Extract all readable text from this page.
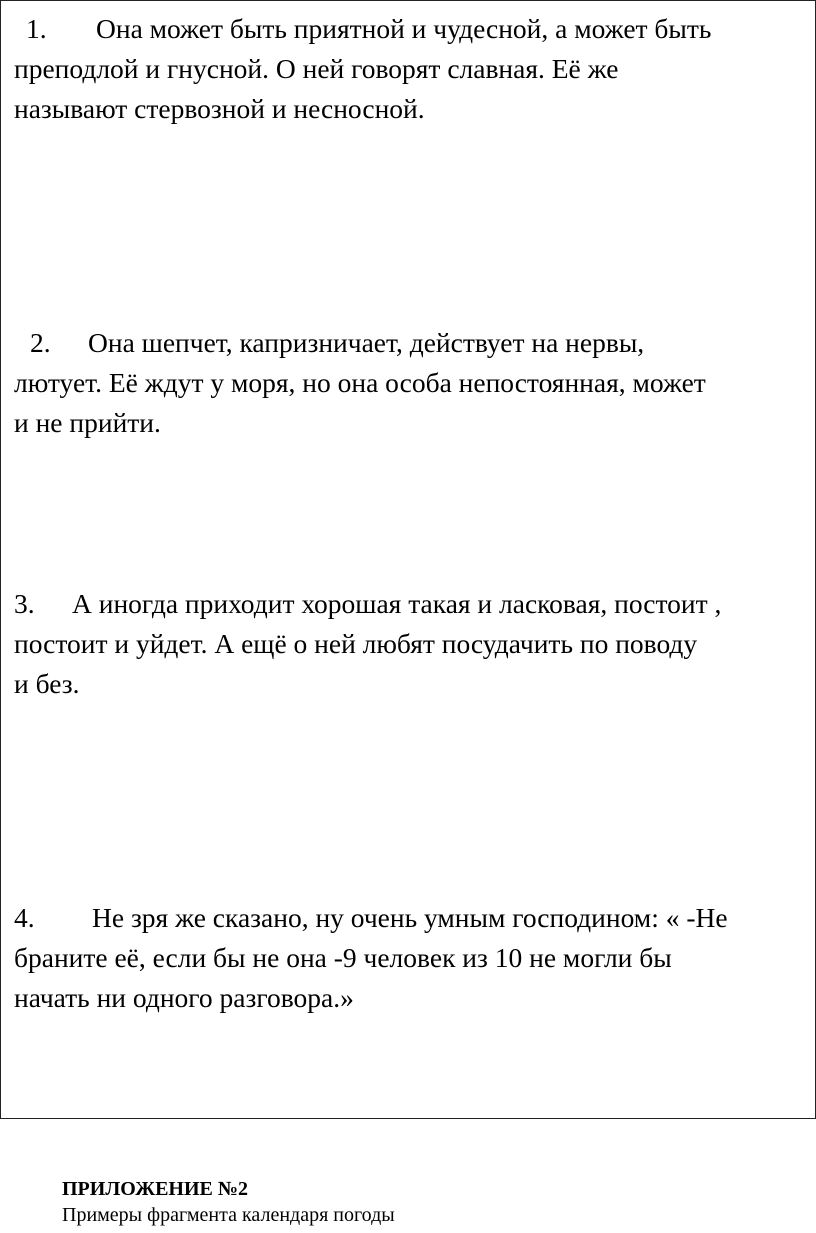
1. Она может быть приятной и чудесной, а может быть
преподлой и гнусной. О ней говорят славная. Её же
называют стервозной и несносной.
2. Она шепчет, капризничает, действует на нервы,
лютует. Её ждут у моря, но она особа непостоянная, может
и не прийти.
3. А иногда приходит хорошая такая и ласковая, постоит ,
постоит и уйдет. А ещё о ней любят посудачить по поводу
и без.
4. Не зря же сказано, ну очень умным господином: « -Не
браните её, если бы не она -9 человек из 10 не могли бы
начать ни одного разговора.»
ПРИЛОЖЕНИЕ №2
Примеры фрагмента календаря погоды
